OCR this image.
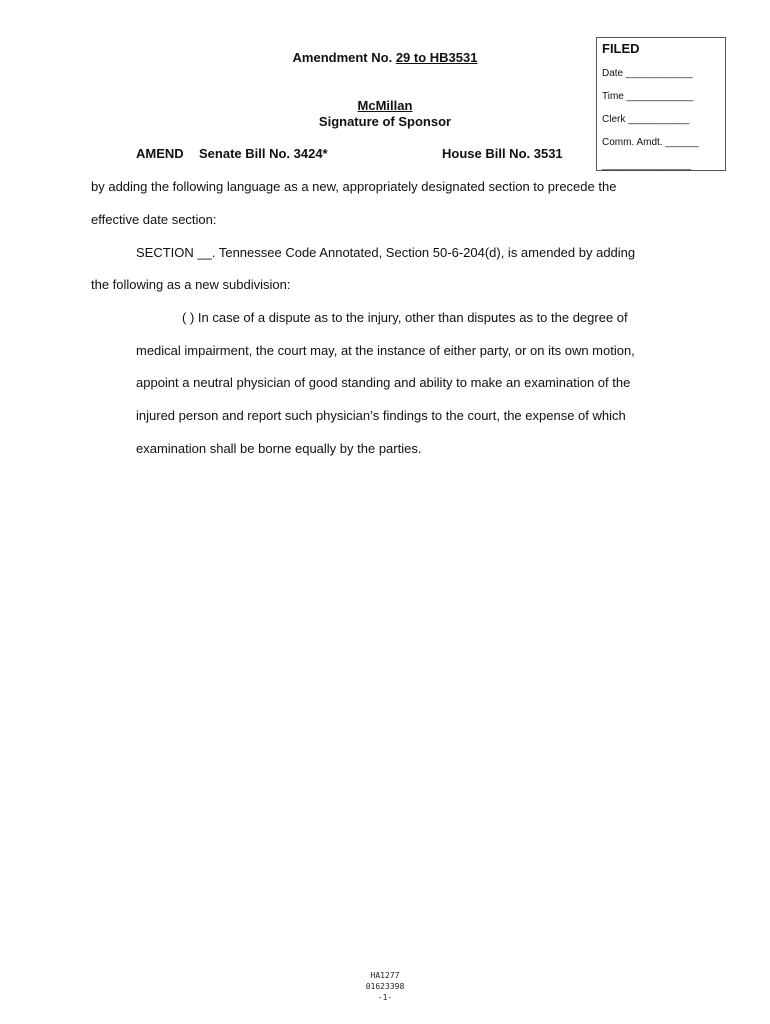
Amendment No. 29 to HB3531
McMillan
Signature of Sponsor
AMEND Senate Bill No. 3424*	House Bill No. 3531
FILED
Date ____________
Time ____________
Clerk ___________
Comm. Amdt. ______
________________
by adding the following language as a new, appropriately designated section to precede the
effective date section:
SECTION __. Tennessee Code Annotated, Section 50-6-204(d), is amended by adding
the following as a new subdivision:
( ) In case of a dispute as to the injury, other than disputes as to the degree of
medical impairment, the court may, at the instance of either party, or on its own motion,
appoint a neutral physician of good standing and ability to make an examination of the
injured person and report such physician’s findings to the court, the expense of which
examination shall be borne equally by the parties.
HA1277
01623398
-1-
